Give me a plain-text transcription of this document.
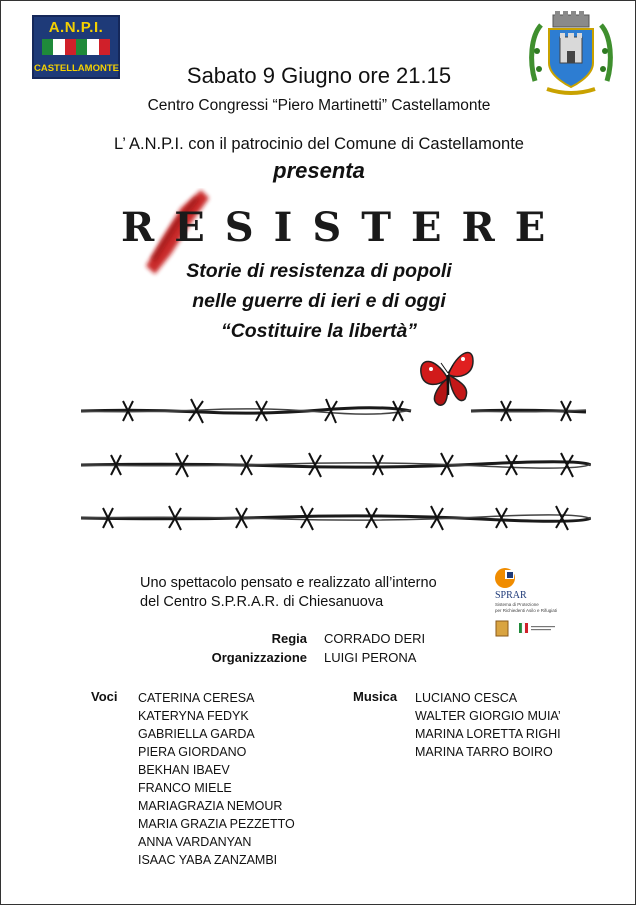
A.N.P.I.
CASTELLAMONTE	Sabato 9 Giugno ore 21.15
Centro Congressi “Piero Martinetti” Castellamonte
L’ A.N.P.I. con il patrocinio del Comune di Castellamonte
presenta
RESISTERE
Storie di resistenza di popoli
nelle guerre di ieri e di oggi
“Costituire la libertà”
Uno spettacolo pensato e realizzato all’interno
del Centro S.P.R.A.R. di Chiesanuova	SPRAR
Sistema di Protezione
per Richiedenti Asilo e Rifugiati
Regia CORRADO DERI
Organizzazione LUIGI PERONA
Voci CATERINA CERESA
KATERYNA FEDYK
GABRIELLA GARDA
PIERA GIORDANO
BEKHAN IBAEV
FRANCO MIELE
MARIAGRAZIA NEMOUR
MARIA GRAZIA PEZZETTO
ANNA VARDANYAN
ISAAC YABA ZANZAMBI
Musica LUCIANO CESCA
WALTER GIORGIO MUIA’
MARINA LORETTA RIGHI
MARINA TARRO BOIRO
